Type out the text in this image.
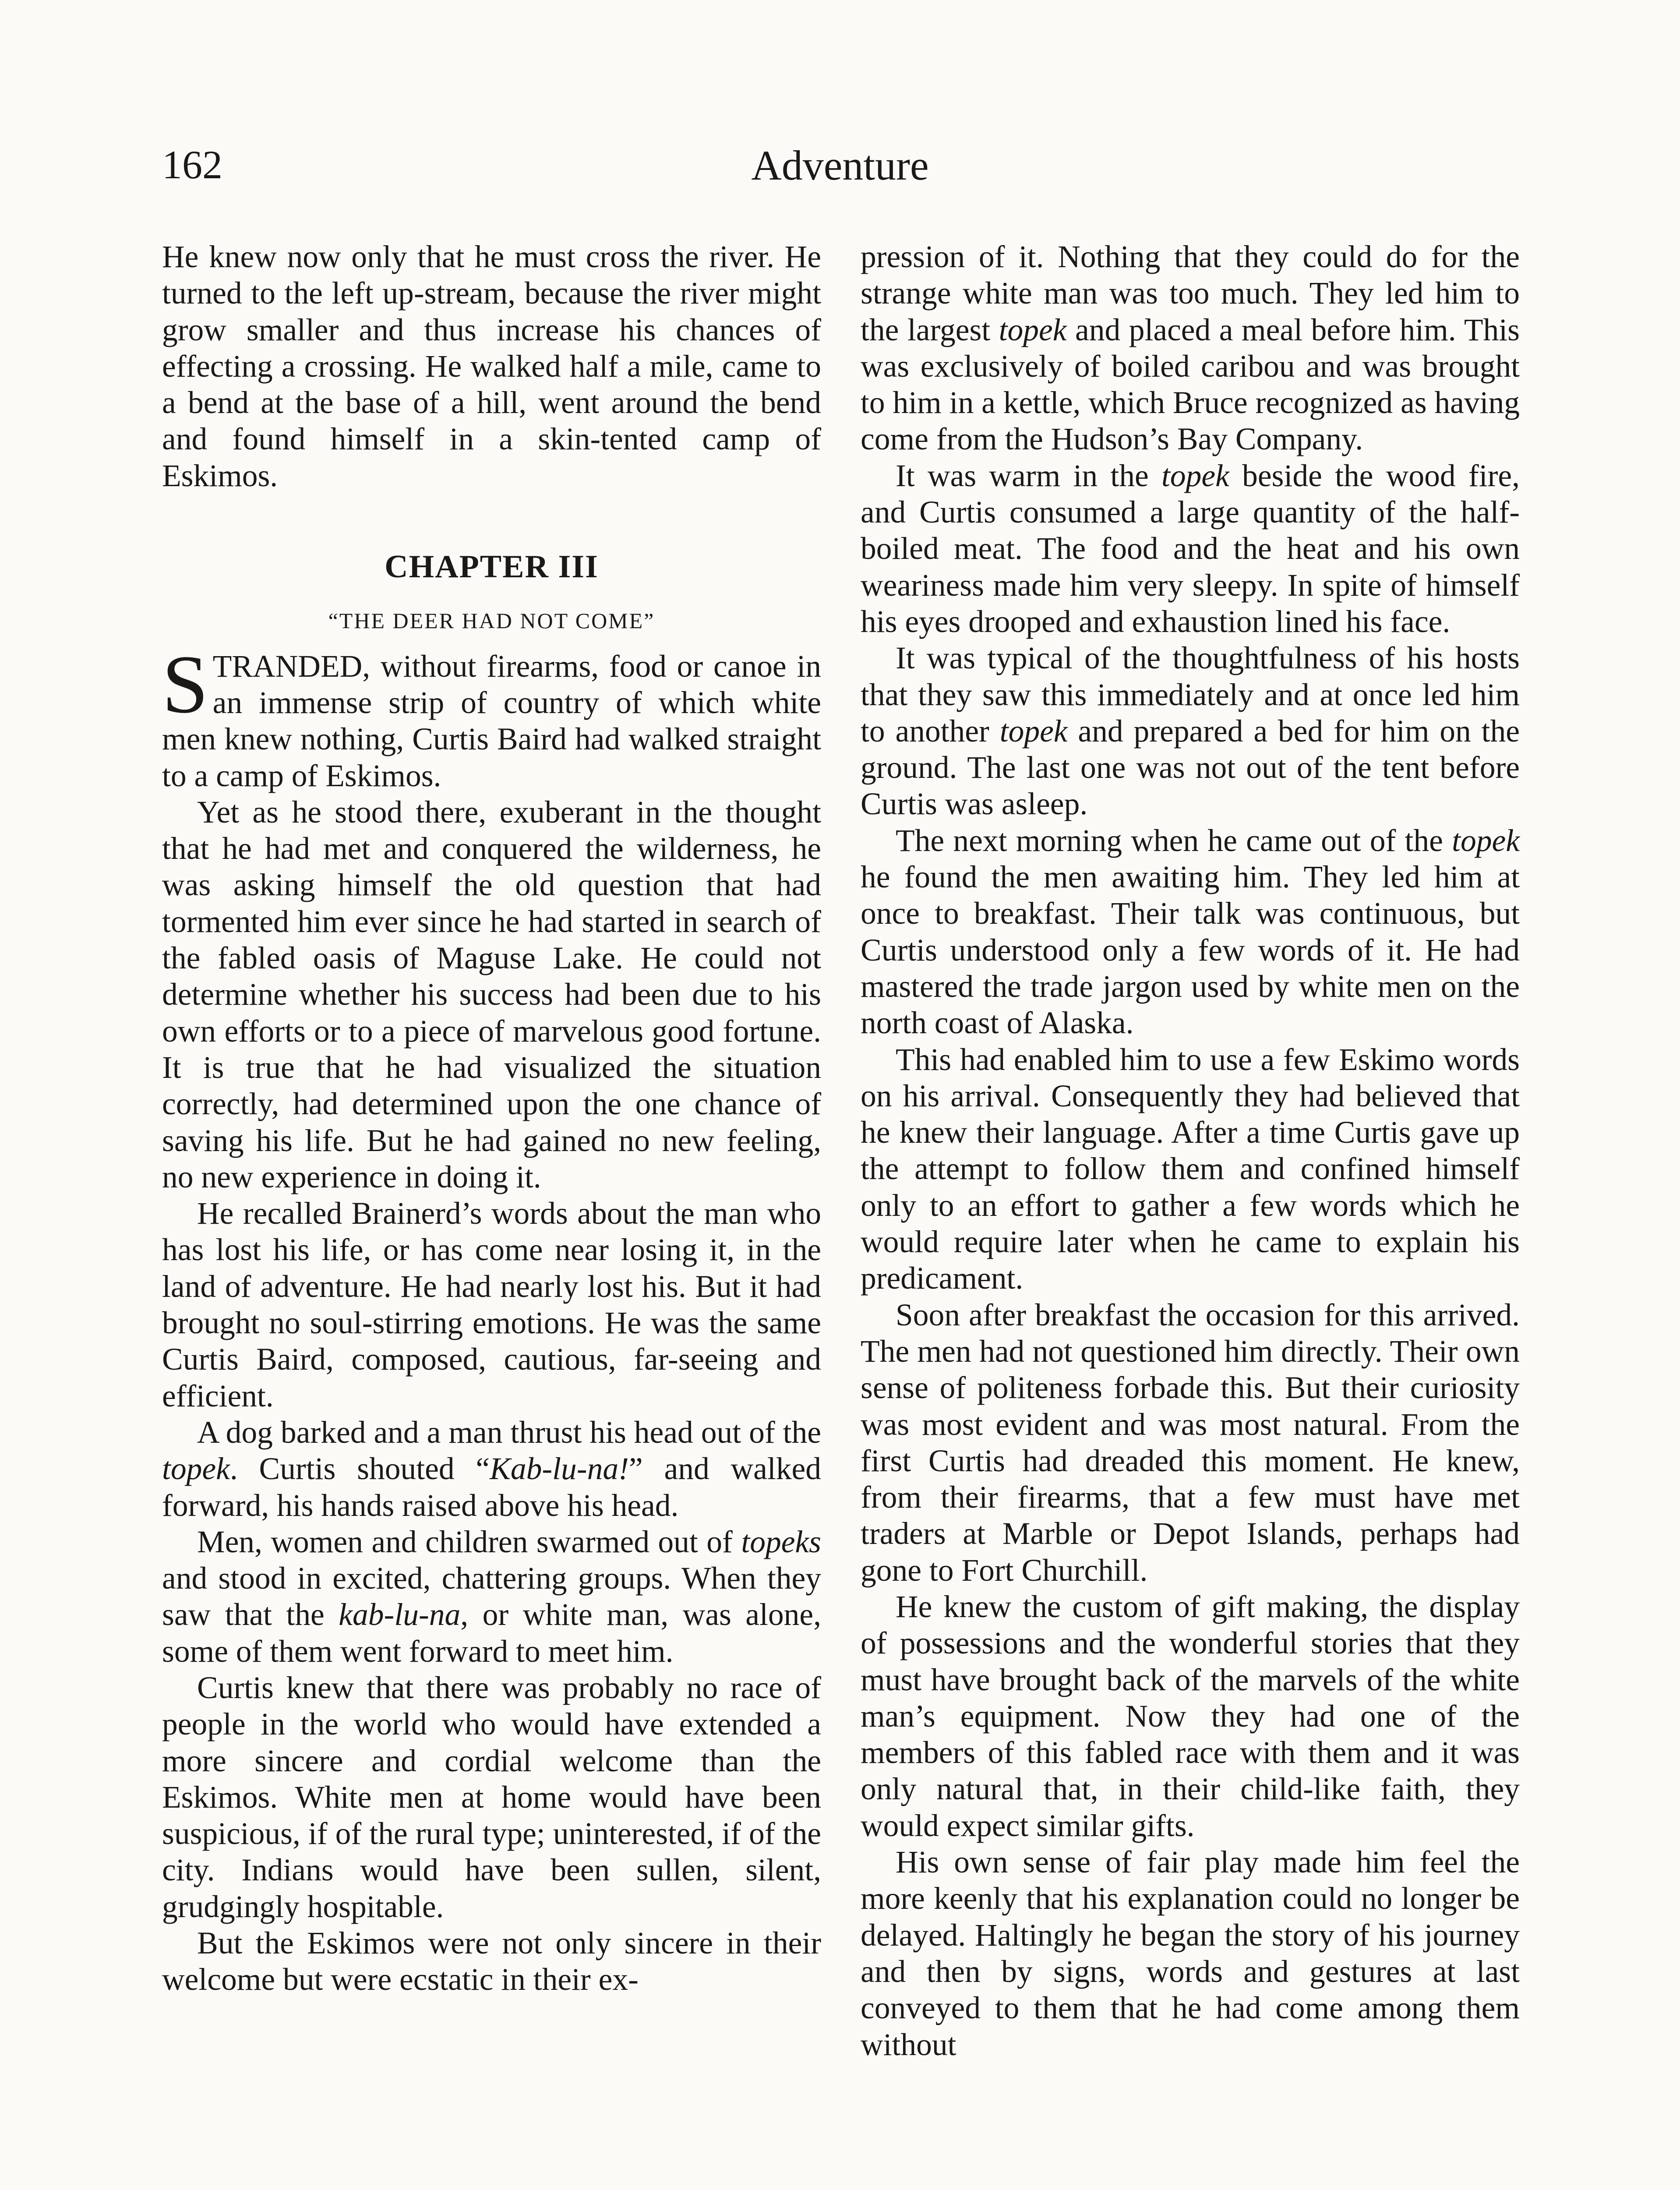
162	Adventure

He knew now only that he must cross the river. He turned to the left up-stream, because the river might grow smaller and thus increase his chances of effecting a crossing. He walked half a mile, came to a bend at the base of a hill, went around the bend and found himself in a skin-tented camp of Eskimos.

CHAPTER III
“THE DEER HAD NOT COME”

STRANDED, without firearms, food or canoe in an immense strip of country of which white men knew nothing, Curtis Baird had walked straight to a camp of Eskimos.

Yet as he stood there, exuberant in the thought that he had met and conquered the wilderness, he was asking himself the old question that had tormented him ever since he had started in search of the fabled oasis of Maguse Lake. He could not determine whether his success had been due to his own efforts or to a piece of marvelous good fortune. It is true that he had visualized the situation correctly, had determined upon the one chance of saving his life. But he had gained no new feeling, no new experience in doing it.

He recalled Brainerd’s words about the man who has lost his life, or has come near losing it, in the land of adventure. He had nearly lost his. But it had brought no soul-stirring emotions. He was the same Curtis Baird, composed, cautious, far-seeing and efficient.

A dog barked and a man thrust his head out of the topek. Curtis shouted “Kab-lu-na!” and walked forward, his hands raised above his head.

Men, women and children swarmed out of topeks and stood in excited, chattering groups. When they saw that the kab-lu-na, or white man, was alone, some of them went forward to meet him.

Curtis knew that there was probably no race of people in the world who would have extended a more sincere and cordial welcome than the Eskimos. White men at home would have been suspicious, if of the rural type; uninterested, if of the city. Indians would have been sullen, silent, grudgingly hospitable.

But the Eskimos were not only sincere in their welcome but were ecstatic in their ex-

pression of it. Nothing that they could do for the strange white man was too much. They led him to the largest topek and placed a meal before him. This was exclusively of boiled caribou and was brought to him in a kettle, which Bruce recognized as having come from the Hudson’s Bay Company.

It was warm in the topek beside the wood fire, and Curtis consumed a large quantity of the half-boiled meat. The food and the heat and his own weariness made him very sleepy. In spite of himself his eyes drooped and exhaustion lined his face.

It was typical of the thoughtfulness of his hosts that they saw this immediately and at once led him to another topek and prepared a bed for him on the ground. The last one was not out of the tent before Curtis was asleep.

The next morning when he came out of the topek he found the men awaiting him. They led him at once to breakfast. Their talk was continuous, but Curtis understood only a few words of it. He had mastered the trade jargon used by white men on the north coast of Alaska.

This had enabled him to use a few Eskimo words on his arrival. Consequently they had believed that he knew their language. After a time Curtis gave up the attempt to follow them and confined himself only to an effort to gather a few words which he would require later when he came to explain his predicament.

Soon after breakfast the occasion for this arrived. The men had not questioned him directly. Their own sense of politeness forbade this. But their curiosity was most evident and was most natural. From the first Curtis had dreaded this moment. He knew, from their firearms, that a few must have met traders at Marble or Depot Islands, perhaps had gone to Fort Churchill.

He knew the custom of gift making, the display of possessions and the wonderful stories that they must have brought back of the marvels of the white man’s equipment. Now they had one of the members of this fabled race with them and it was only natural that, in their child-like faith, they would expect similar gifts.

His own sense of fair play made him feel the more keenly that his explanation could no longer be delayed. Haltingly he began the story of his journey and then by signs, words and gestures at last conveyed to them that he had come among them without
